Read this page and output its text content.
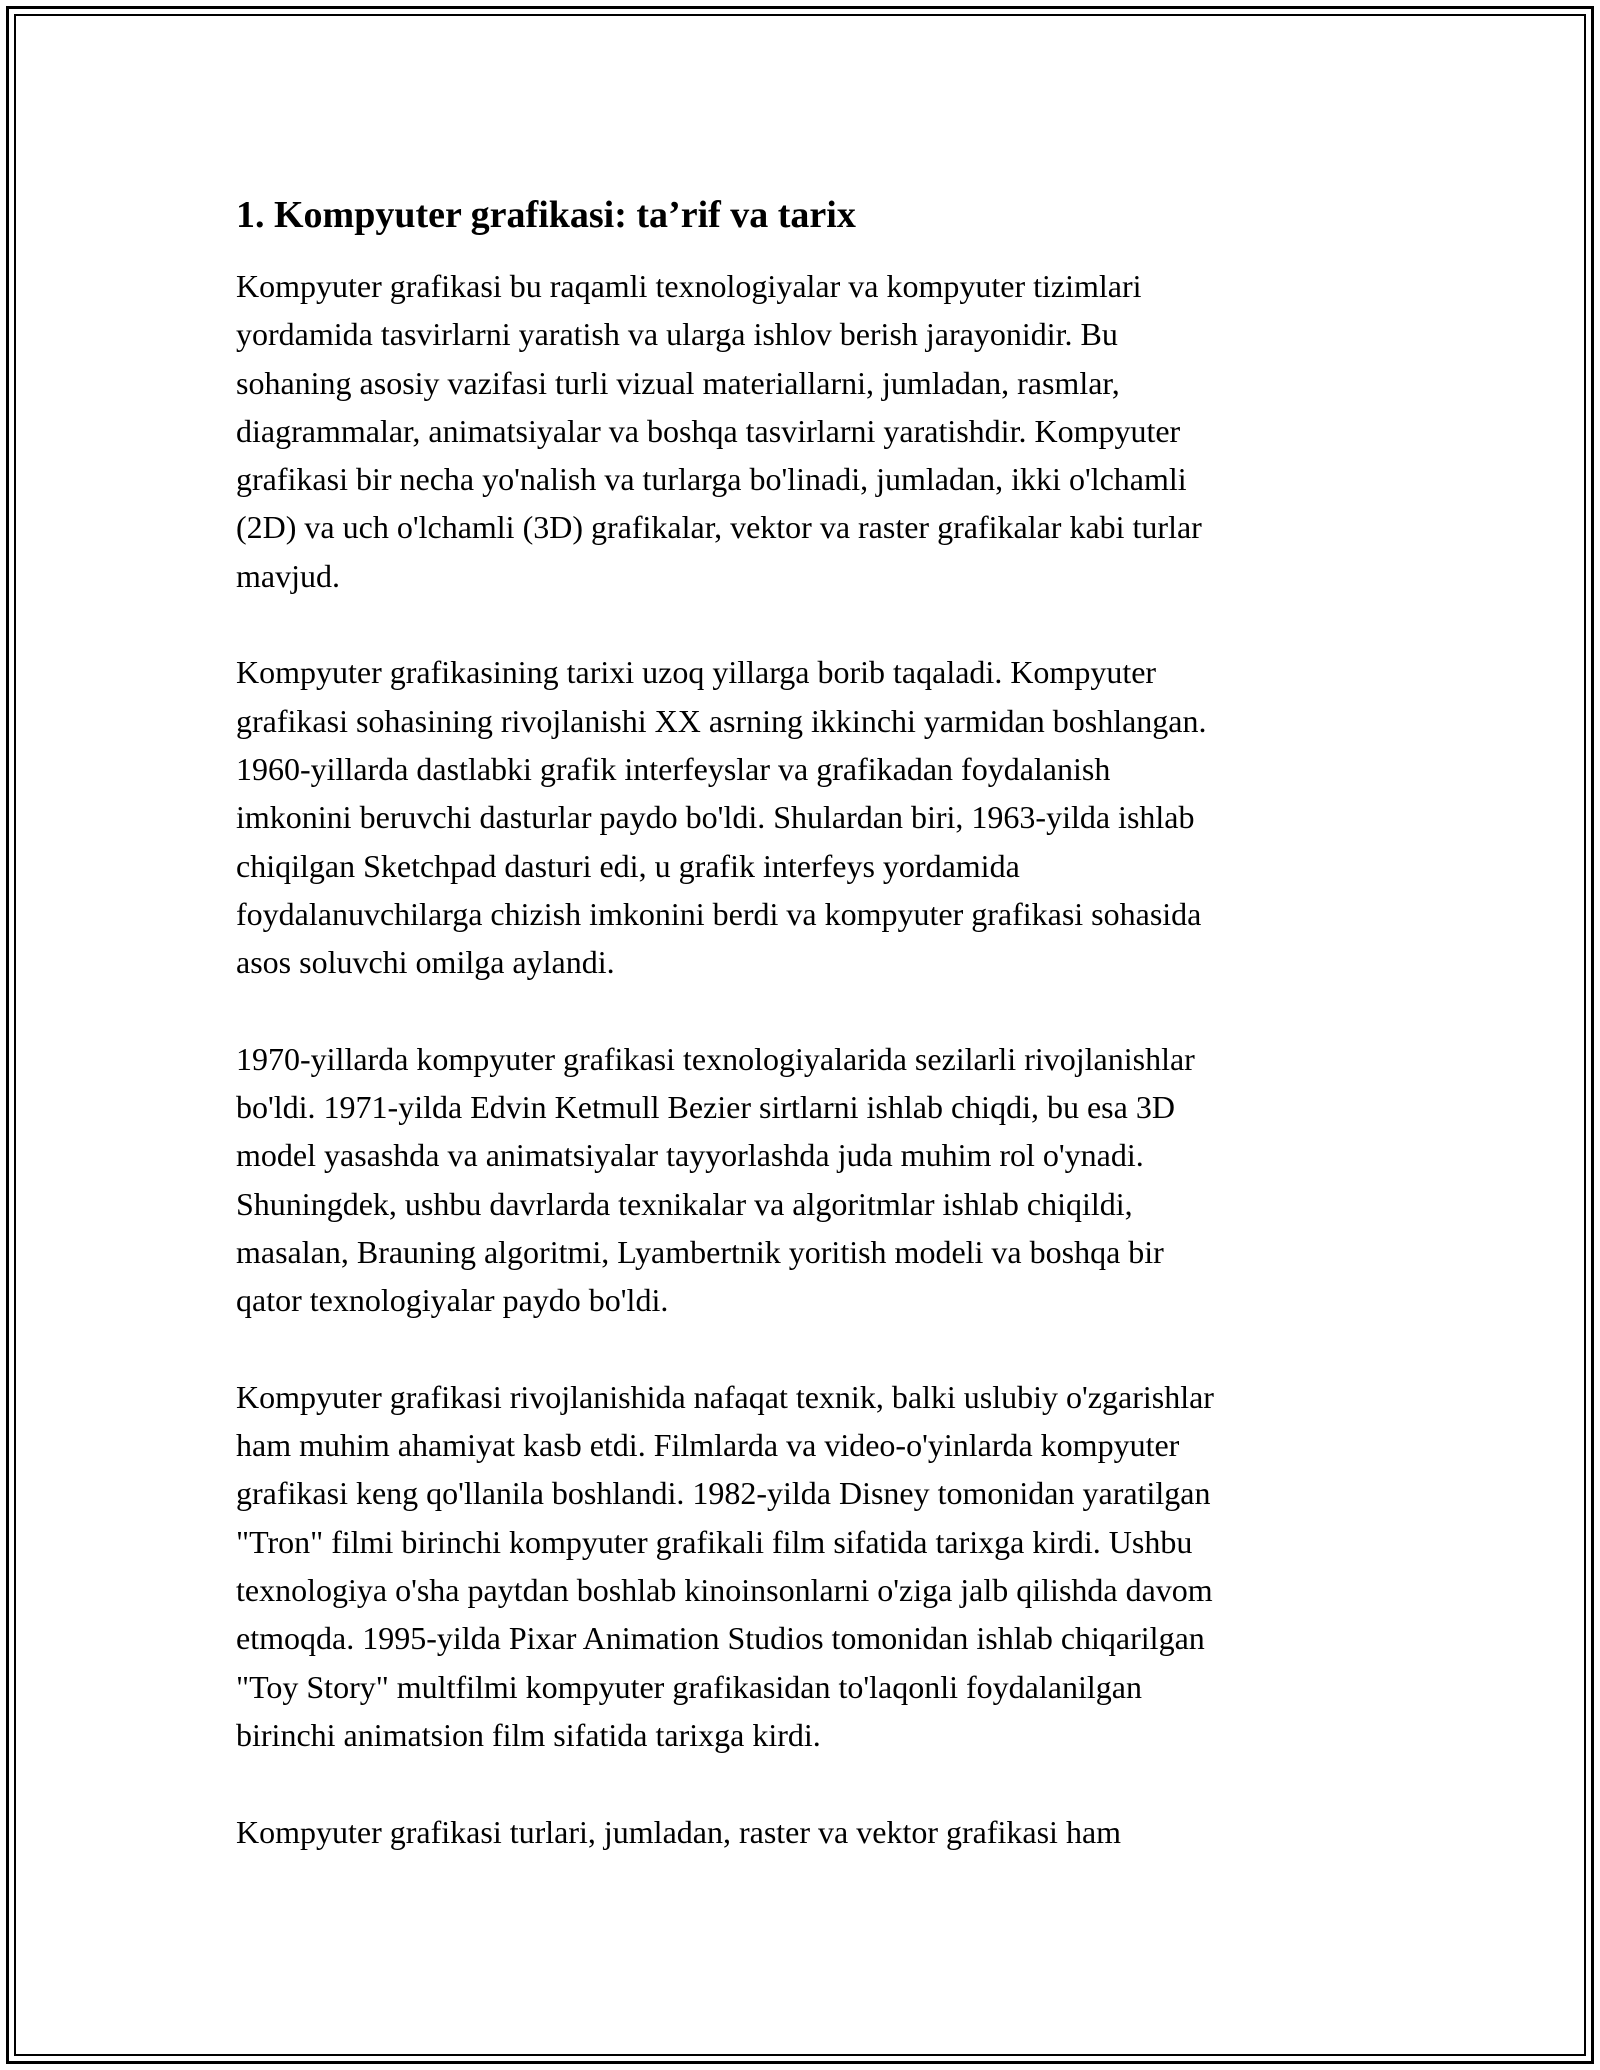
1. Kompyuter grafikasi: ta’rif va tarix

Kompyuter grafikasi bu raqamli texnologiyalar va kompyuter tizimlari
yordamida tasvirlarni yaratish va ularga ishlov berish jarayonidir. Bu
sohaning asosiy vazifasi turli vizual materiallarni, jumladan, rasmlar,
diagrammalar, animatsiyalar va boshqa tasvirlarni yaratishdir. Kompyuter
grafikasi bir necha yo'nalish va turlarga bo'linadi, jumladan, ikki o'lchamli
(2D) va uch o'lchamli (3D) grafikalar, vektor va raster grafikalar kabi turlar
mavjud.

Kompyuter grafikasining tarixi uzoq yillarga borib taqaladi. Kompyuter
grafikasi sohasining rivojlanishi XX asrning ikkinchi yarmidan boshlangan.
1960-yillarda dastlabki grafik interfeyslar va grafikadan foydalanish
imkonini beruvchi dasturlar paydo bo'ldi. Shulardan biri, 1963-yilda ishlab
chiqilgan Sketchpad dasturi edi, u grafik interfeys yordamida
foydalanuvchilarga chizish imkonini berdi va kompyuter grafikasi sohasida
asos soluvchi omilga aylandi.

1970-yillarda kompyuter grafikasi texnologiyalarida sezilarli rivojlanishlar
bo'ldi. 1971-yilda Edvin Ketmull Bezier sirtlarni ishlab chiqdi, bu esa 3D
model yasashda va animatsiyalar tayyorlashda juda muhim rol o'ynadi.
Shuningdek, ushbu davrlarda texnikalar va algoritmlar ishlab chiqildi,
masalan, Brauning algoritmi, Lyambertnik yoritish modeli va boshqa bir
qator texnologiyalar paydo bo'ldi.

Kompyuter grafikasi rivojlanishida nafaqat texnik, balki uslubiy o'zgarishlar
ham muhim ahamiyat kasb etdi. Filmlarda va video-o'yinlarda kompyuter
grafikasi keng qo'llanila boshlandi. 1982-yilda Disney tomonidan yaratilgan
"Tron" filmi birinchi kompyuter grafikali film sifatida tarixga kirdi. Ushbu
texnologiya o'sha paytdan boshlab kinoinsonlarni o'ziga jalb qilishda davom
etmoqda. 1995-yilda Pixar Animation Studios tomonidan ishlab chiqarilgan
"Toy Story" multfilmi kompyuter grafikasidan to'laqonli foydalanilgan
birinchi animatsion film sifatida tarixga kirdi.

Kompyuter grafikasi turlari, jumladan, raster va vektor grafikasi ham
